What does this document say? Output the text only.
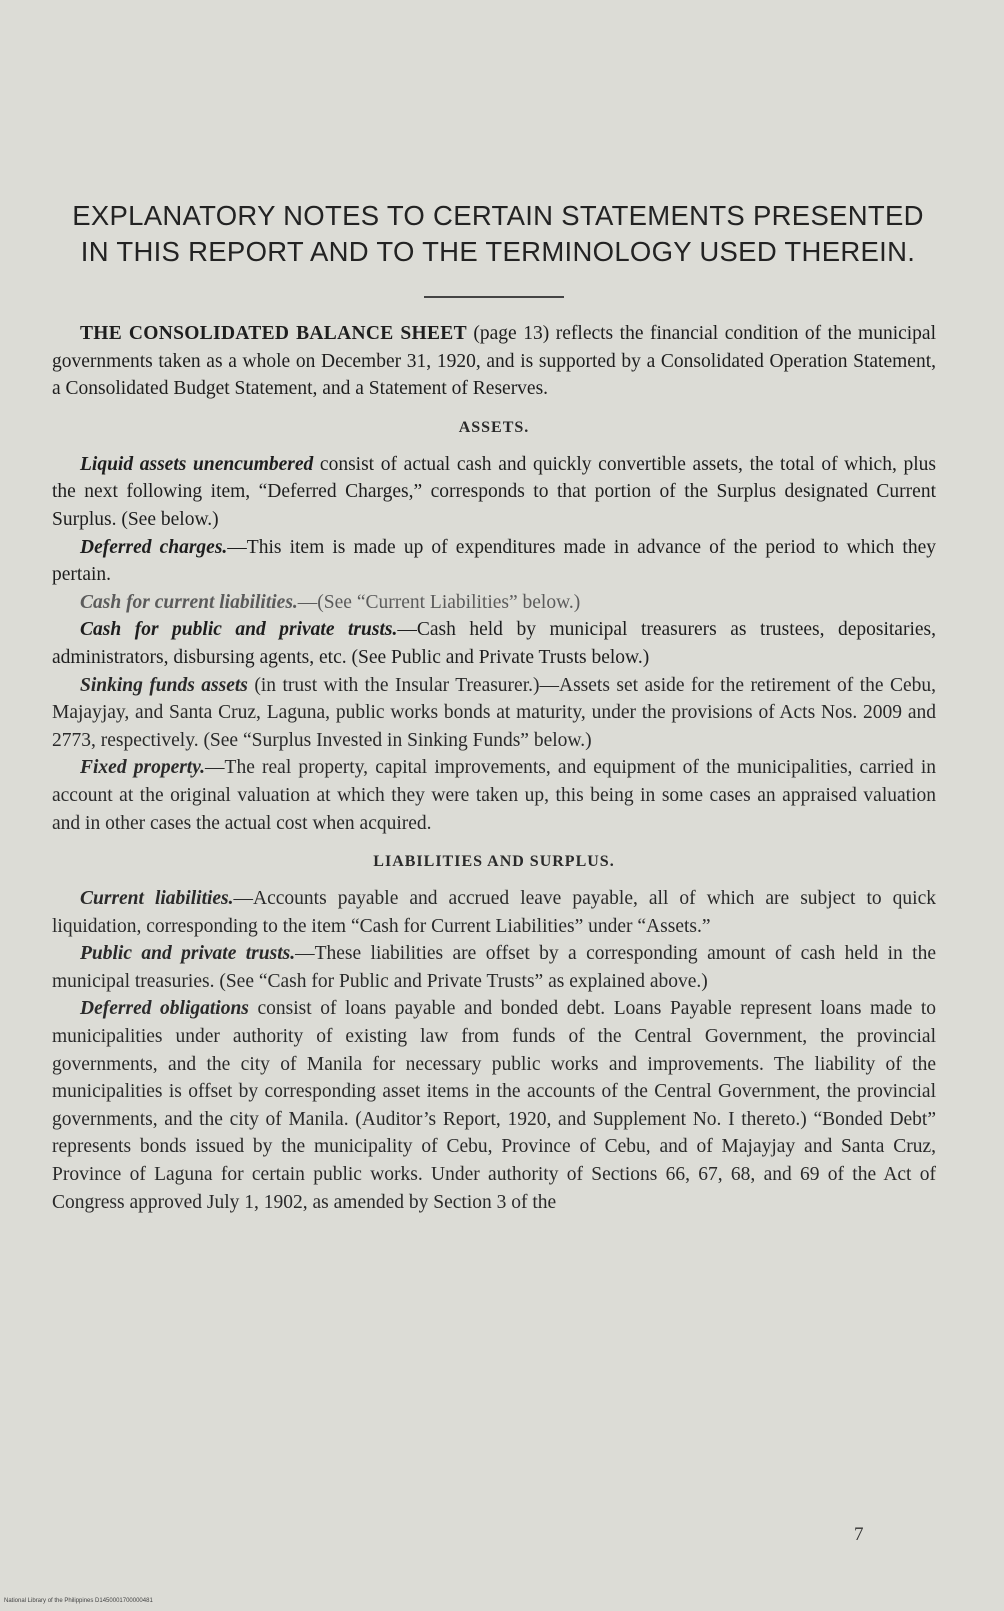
EXPLANATORY NOTES TO CERTAIN STATEMENTS PRESENTED
IN THIS REPORT AND TO THE TERMINOLOGY USED THEREIN.

THE CONSOLIDATED BALANCE SHEET (page 13) reflects the financial condition of the municipal governments taken as a whole on December 31, 1920, and is supported by a Consolidated Operation Statement, a Consolidated Budget Statement, and a Statement of Reserves.

ASSETS.

Liquid assets unencumbered consist of actual cash and quickly convertible assets, the total of which, plus the next following item, “Deferred Charges,” corresponds to that portion of the Surplus designated Current Surplus. (See below.)

Deferred charges.—This item is made up of expenditures made in advance of the period to which they pertain.

Cash for current liabilities.—(See “Current Liabilities” below.)

Cash for public and private trusts.—Cash held by municipal treasurers as trustees, depositaries, administrators, disbursing agents, etc. (See Public and Private Trusts below.)

Sinking funds assets (in trust with the Insular Treasurer.)—Assets set aside for the retirement of the Cebu, Majayjay, and Santa Cruz, Laguna, public works bonds at maturity, under the provisions of Acts Nos. 2009 and 2773, respectively. (See “Surplus Invested in Sinking Funds” below.)

Fixed property.—The real property, capital improvements, and equipment of the municipalities, carried in account at the original valuation at which they were taken up, this being in some cases an appraised valuation and in other cases the actual cost when acquired.

LIABILITIES AND SURPLUS.

Current liabilities.—Accounts payable and accrued leave payable, all of which are subject to quick liquidation, corresponding to the item “Cash for Current Liabilities” under “Assets.”

Public and private trusts.—These liabilities are offset by a corresponding amount of cash held in the municipal treasuries. (See “Cash for Public and Private Trusts” as explained above.)

Deferred obligations consist of loans payable and bonded debt. Loans Payable represent loans made to municipalities under authority of existing law from funds of the Central Government, the provincial governments, and the city of Manila for necessary public works and improvements. The liability of the municipalities is offset by corresponding asset items in the accounts of the Central Government, the provincial governments, and the city of Manila. (Auditor’s Report, 1920, and Supplement No. I thereto.) “Bonded Debt” represents bonds issued by the municipality of Cebu, Province of Cebu, and of Majayjay and Santa Cruz, Province of Laguna for certain public works. Under authority of Sections 66, 67, 68, and 69 of the Act of Congress approved July 1, 1902, as amended by Section 3 of the

7
National Library of the Philippines D1450001700000481
